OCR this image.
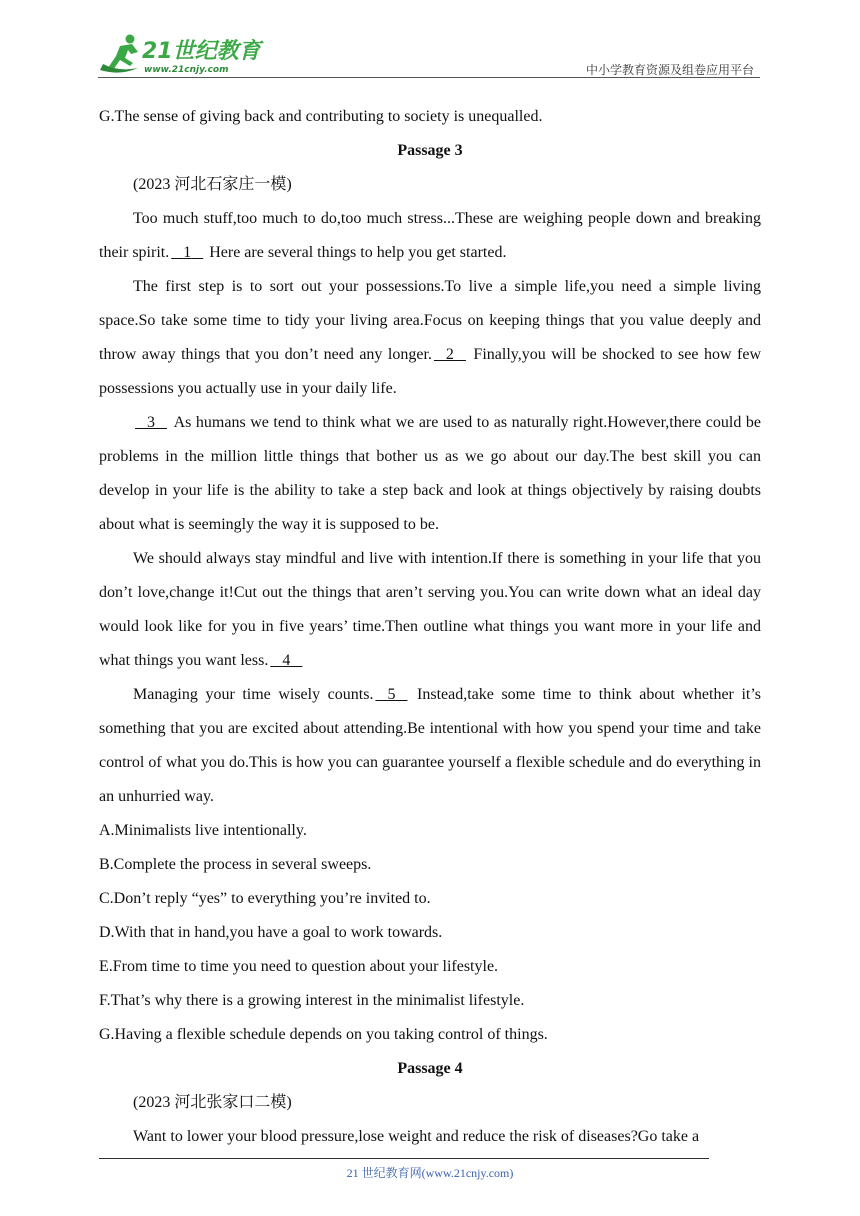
21世纪教育
www.21cnjy.com	中小学教育资源及组卷应用平台
G.The sense of giving back and contributing to society is unequalled.
Passage 3
(2023 河北石家庄一模)

Too much stuff,too much to do,too much stress...These are weighing people down and breaking their spirit. 1 Here are several things to help you get started.

The first step is to sort out your possessions.To live a simple life,you need a simple living space.So take some time to tidy your living area.Focus on keeping things that you value deeply and throw away things that you don’t need any longer. 2 Finally,you will be shocked to see how few possessions you actually use in your daily life.

3 As humans we tend to think what we are used to as naturally right.However,there could be problems in the million little things that bother us as we go about our day.The best skill you can develop in your life is the ability to take a step back and look at things objectively by raising doubts about what is seemingly the way it is supposed to be.

We should always stay mindful and live with intention.If there is something in your life that you don’t love,change it!Cut out the things that aren’t serving you.You can write down what an ideal day would look like for you in five years’ time.Then outline what things you want more in your life and what things you want less. 4

Managing your time wisely counts. 5 Instead,take some time to think about whether it’s something that you are excited about attending.Be intentional with how you spend your time and take control of what you do.This is how you can guarantee yourself a flexible schedule and do everything in an unhurried way.

A.Minimalists live intentionally.
B.Complete the process in several sweeps.
C.Don’t reply “yes” to everything you’re invited to.
D.With that in hand,you have a goal to work towards.
E.From time to time you need to question about your lifestyle.
F.That’s why there is a growing interest in the minimalist lifestyle.
G.Having a flexible schedule depends on you taking control of things.
Passage 4
(2023 河北张家口二模)
Want to lower your blood pressure,lose weight and reduce the risk of diseases?Go take a
21 世纪教育网(www.21cnjy.com)
